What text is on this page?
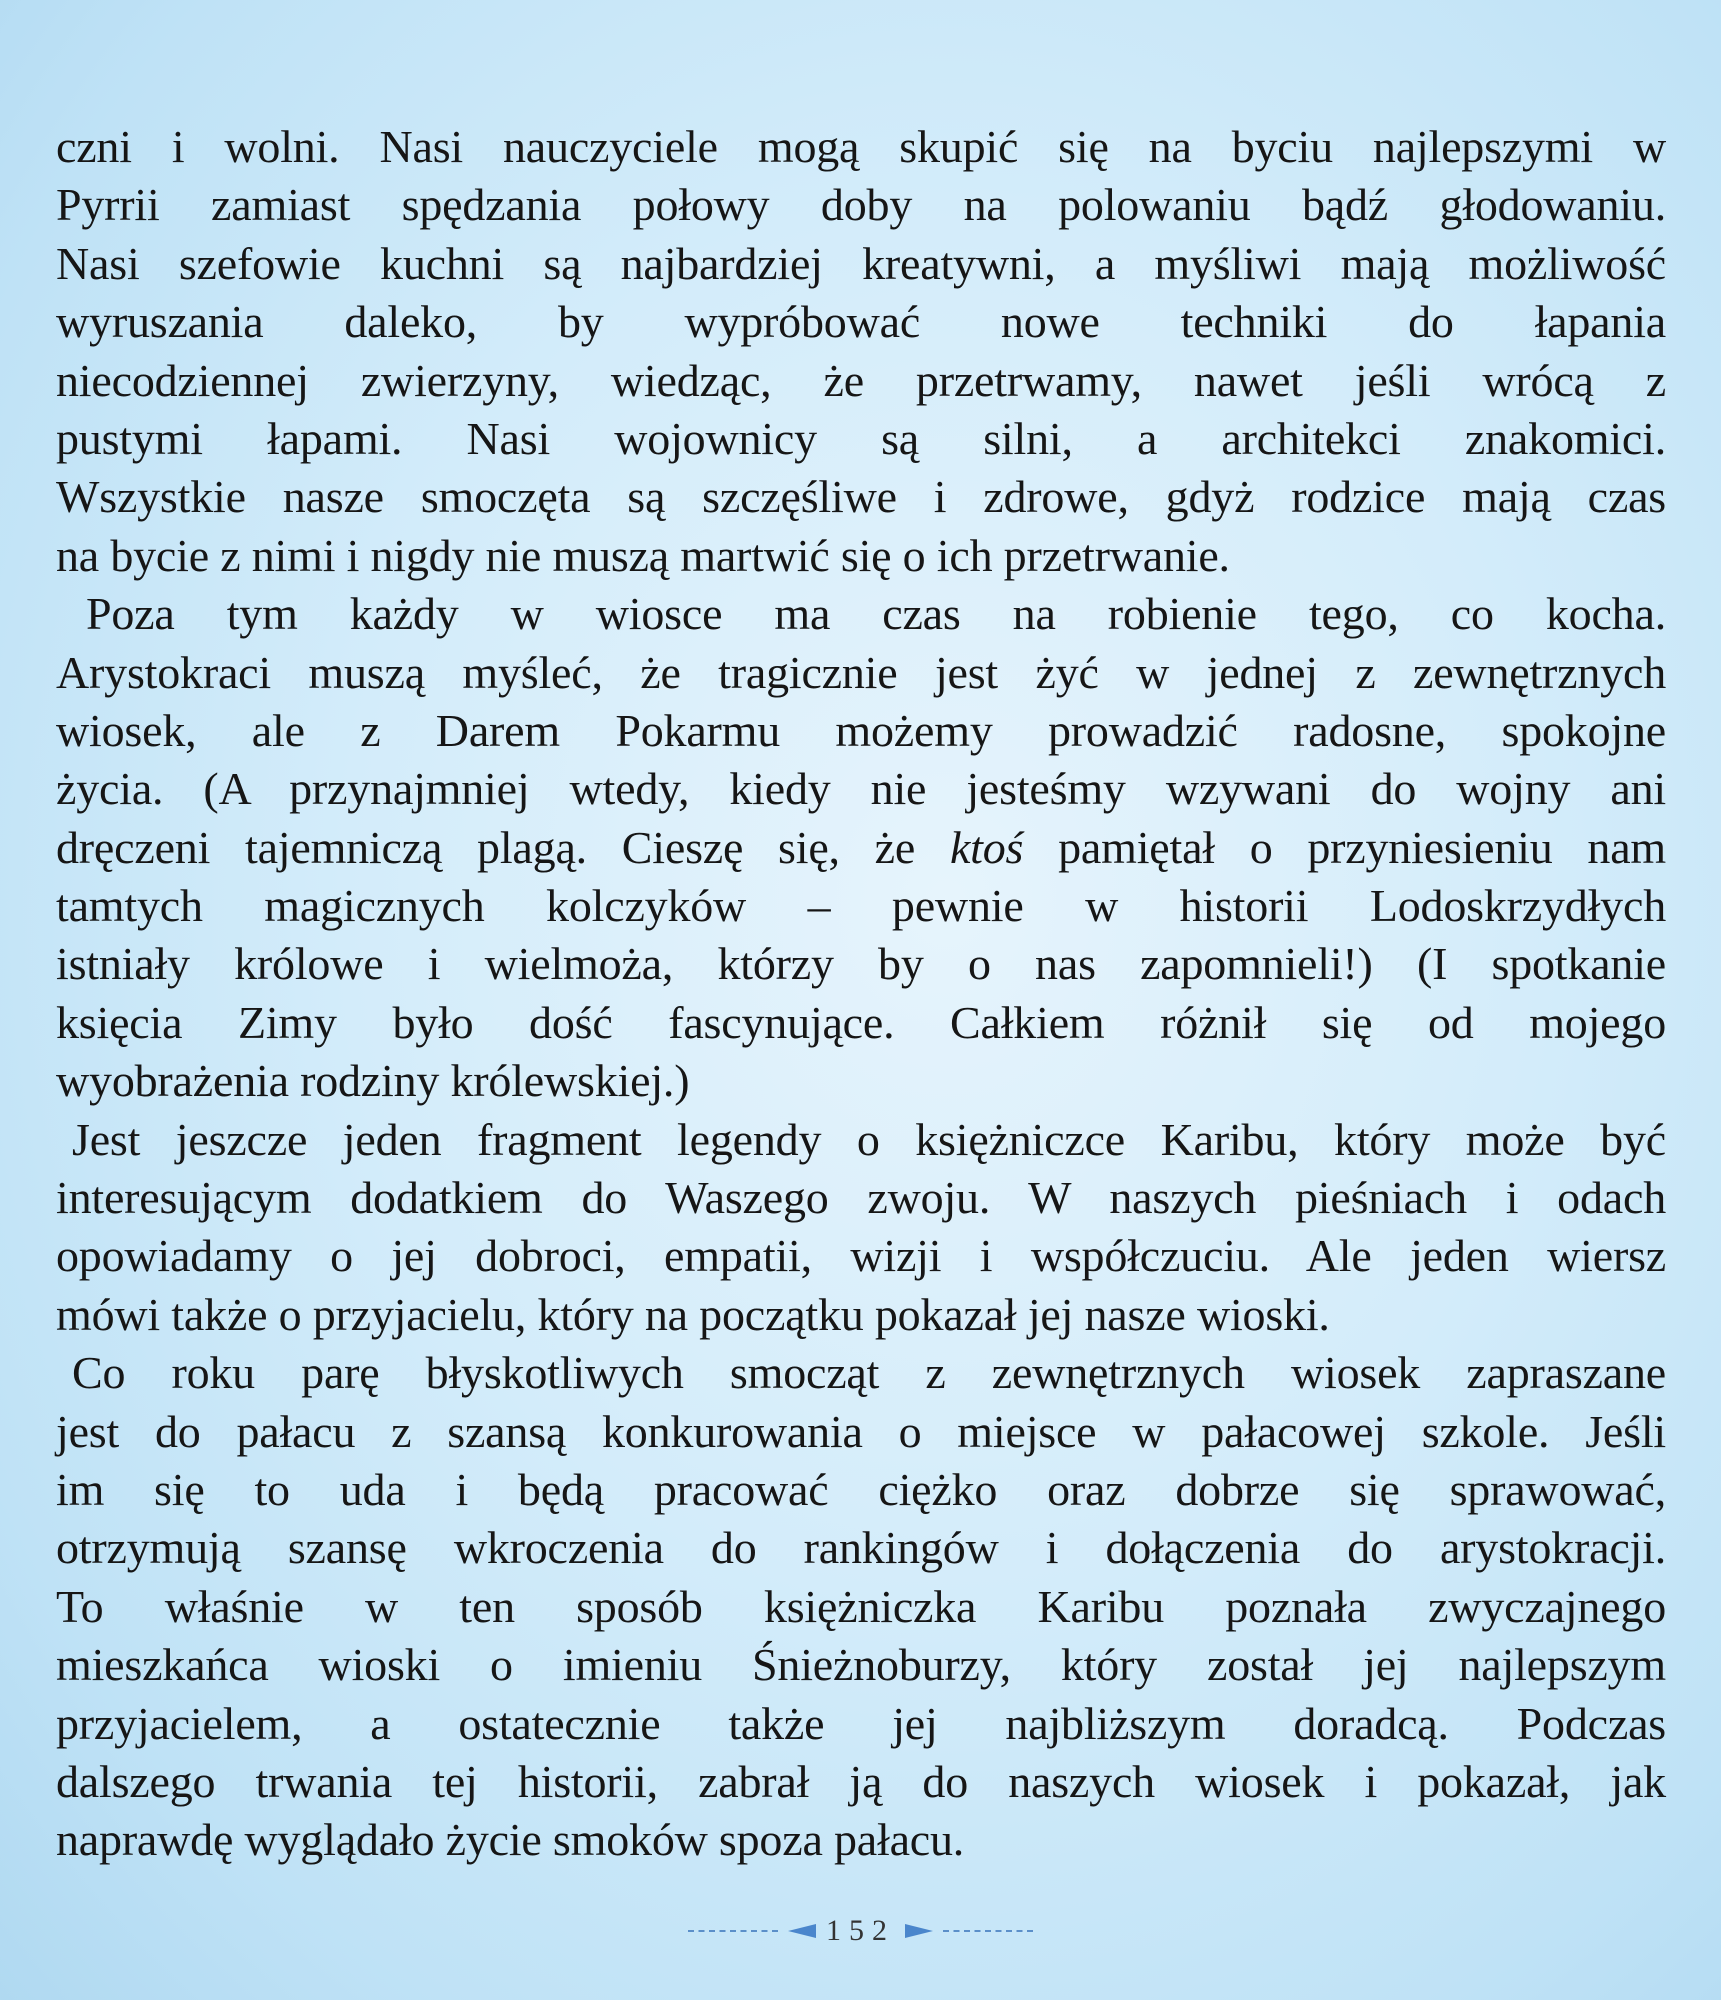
czni i wolni. Nasi nauczyciele mogą skupić się na byciu najlepszymi w
Pyrrii zamiast spędzania połowy doby na polowaniu bądź głodowaniu.
Nasi szefowie kuchni są najbardziej kreatywni, a myśliwi mają możliwość
wyruszania daleko, by wypróbować nowe techniki do łapania
niecodziennej zwierzyny, wiedząc, że przetrwamy, nawet jeśli wrócą z
pustymi łapami. Nasi wojownicy są silni, a architekci znakomici.
Wszystkie nasze smoczęta są szczęśliwe i zdrowe, gdyż rodzice mają czas
na bycie z nimi i nigdy nie muszą martwić się o ich przetrwanie.
Poza tym każdy w wiosce ma czas na robienie tego, co kocha.
Arystokraci muszą myśleć, że tragicznie jest żyć w jednej z zewnętrznych
wiosek, ale z Darem Pokarmu możemy prowadzić radosne, spokojne
życia. (A przynajmniej wtedy, kiedy nie jesteśmy wzywani do wojny ani
dręczeni tajemniczą plagą. Cieszę się, że ktoś pamiętał o przyniesieniu nam
tamtych magicznych kolczyków – pewnie w historii Lodoskrzydłych
istniały królowe i wielmoża, którzy by o nas zapomnieli!) (I spotkanie
księcia Zimy było dość fascynujące. Całkiem różnił się od mojego
wyobrażenia rodziny królewskiej.)
Jest jeszcze jeden fragment legendy o księżniczce Karibu, który może być
interesującym dodatkiem do Waszego zwoju. W naszych pieśniach i odach
opowiadamy o jej dobroci, empatii, wizji i współczuciu. Ale jeden wiersz
mówi także o przyjacielu, który na początku pokazał jej nasze wioski.
Co roku parę błyskotliwych smocząt z zewnętrznych wiosek zapraszane
jest do pałacu z szansą konkurowania o miejsce w pałacowej szkole. Jeśli
im się to uda i będą pracować ciężko oraz dobrze się sprawować,
otrzymują szansę wkroczenia do rankingów i dołączenia do arystokracji.
To właśnie w ten sposób księżniczka Karibu poznała zwyczajnego
mieszkańca wioski o imieniu Śnieżnoburzy, który został jej najlepszym
przyjacielem, a ostatecznie także jej najbliższym doradcą. Podczas
dalszego trwania tej historii, zabrał ją do naszych wiosek i pokazał, jak
naprawdę wyglądało życie smoków spoza pałacu.
152
